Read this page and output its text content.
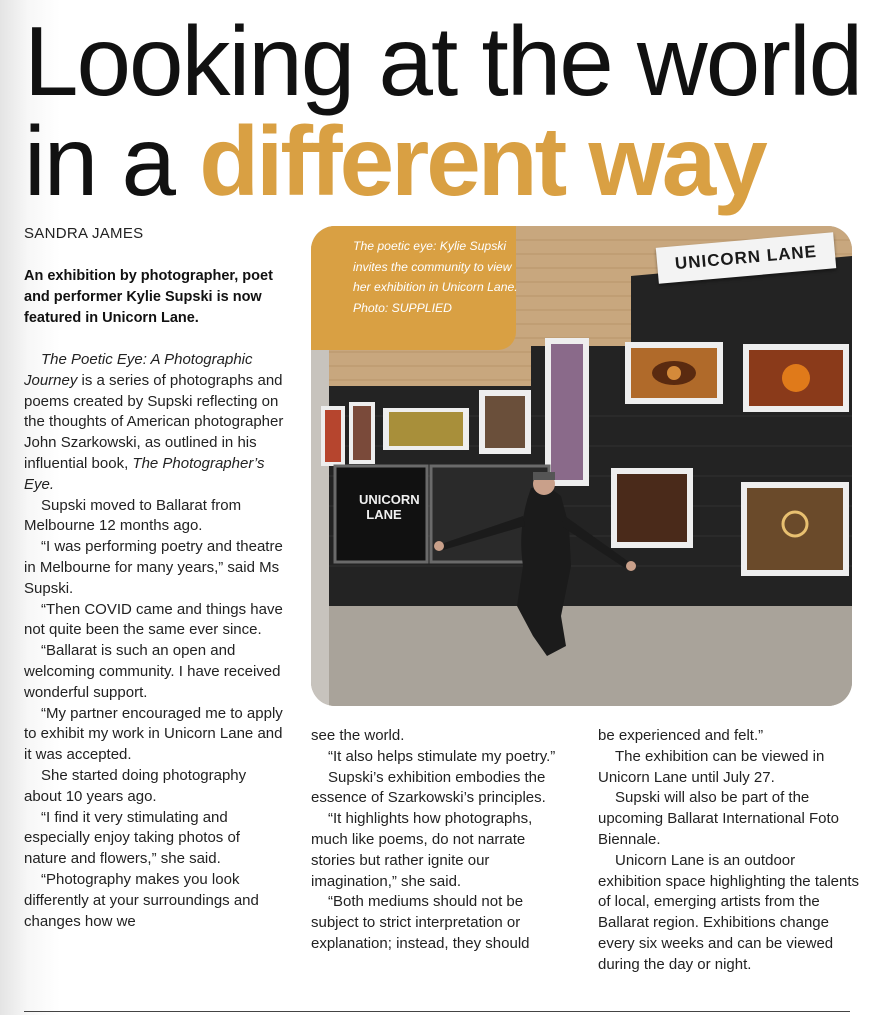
Looking at the world
in a different way
SANDRA JAMES
An exhibition by photographer, poet and performer Kylie Supski is now featured in Unicorn Lane.
The poetic eye: Kylie Supski invites the community to view her exhibition in Unicorn Lane. Photo: SUPPLIED
UNICORN LANE
UNICORN
LANE

The Poetic Eye: A Photographic Journey is a series of photographs and poems created by Supski reflecting on the thoughts of American photographer John Szarkowski, as outlined in his influential book, The Photographer’s Eye.

Supski moved to Ballarat from Melbourne 12 months ago.

“I was performing poetry and theatre in Melbourne for many years,” said Ms Supski.

“Then COVID came and things have not quite been the same ever since.

“Ballarat is such an open and welcoming community. I have received wonderful support.

“My partner encouraged me to apply to exhibit my work in Unicorn Lane and it was accepted.

She started doing photography about 10 years ago.

“I find it very stimulating and especially enjoy taking photos of nature and flowers,” she said.

“Photography makes you look differently at your surroundings and changes how we

see the world.

“It also helps stimulate my poetry.”

Supski’s exhibition embodies the essence of Szarkowski’s principles.

“It highlights how photographs, much like poems, do not narrate stories but rather ignite our imagination,” she said.

“Both mediums should not be subject to strict interpretation or explanation; instead, they should

be experienced and felt.”

The exhibition can be viewed in Unicorn Lane until July 27.

Supski will also be part of the upcoming Ballarat International Foto Biennale.

Unicorn Lane is an outdoor exhibition space highlighting the talents of local, emerging artists from the Ballarat region. Exhibitions change every six weeks and can be viewed during the day or night.
